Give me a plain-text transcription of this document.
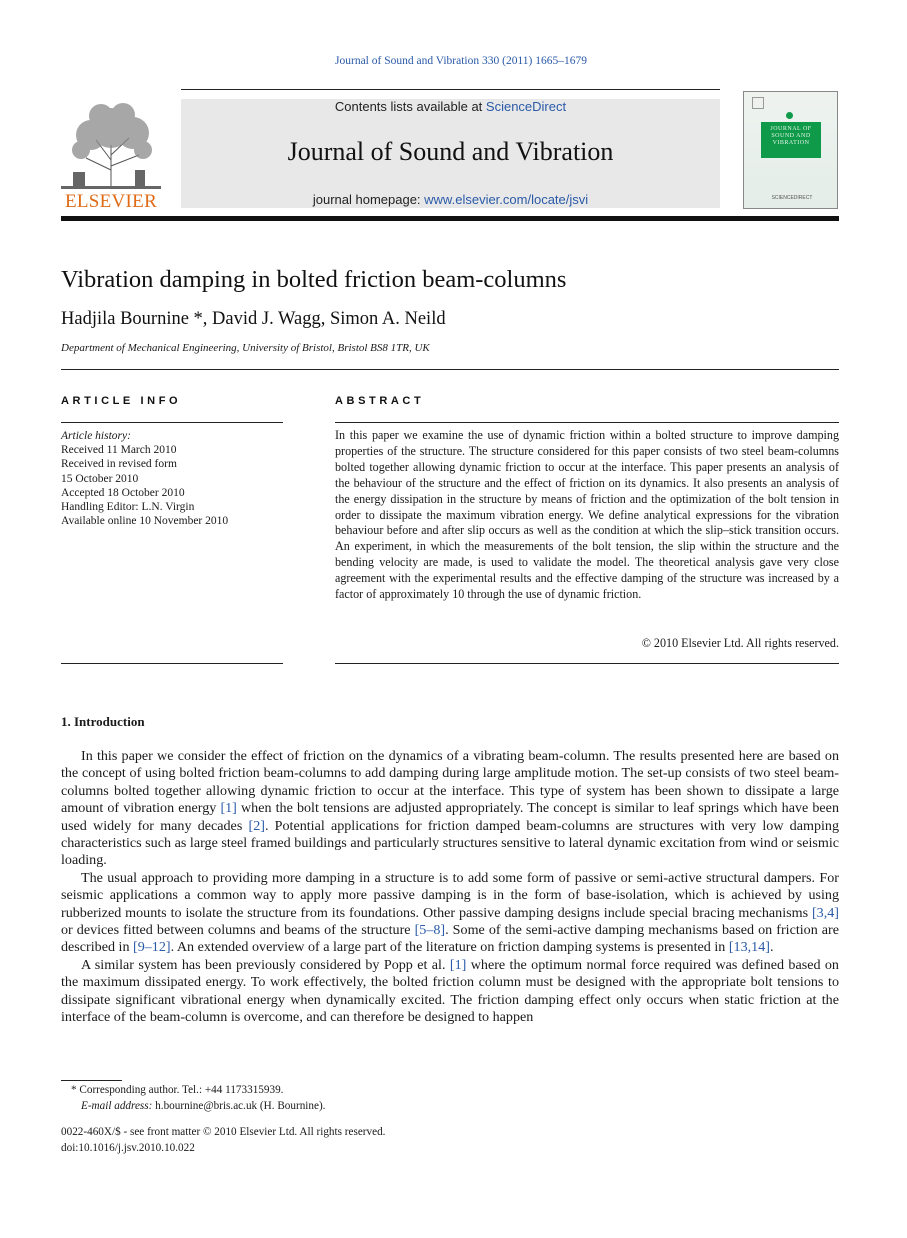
Journal of Sound and Vibration 330 (2011) 1665–1679
ELSEVIER
Contents lists available at ScienceDirect
Journal of Sound and Vibration
journal homepage: www.elsevier.com/locate/jsvi
JOURNAL OF SOUND AND VIBRATION
SCIENCEDIRECT
Vibration damping in bolted friction beam-columns
Hadjila Bournine *, David J. Wagg, Simon A. Neild
Department of Mechanical Engineering, University of Bristol, Bristol BS8 1TR, UK
ARTICLE INFO
Article history:
Received 11 March 2010
Received in revised form
15 October 2010
Accepted 18 October 2010
Handling Editor: L.N. Virgin
Available online 10 November 2010
ABSTRACT
In this paper we examine the use of dynamic friction within a bolted structure to improve damping properties of the structure. The structure considered for this paper consists of two steel beam-columns bolted together allowing dynamic friction to occur at the interface. This paper presents an analysis of the behaviour of the structure and the effect of friction on its dynamics. It also presents an analysis of the energy dissipation in the structure by means of friction and the optimization of the bolt tension in order to dissipate the maximum vibration energy. We define analytical expressions for the vibration behaviour before and after slip occurs as well as the condition at which the slip–stick transition occurs. An experiment, in which the measurements of the bolt tension, the slip within the structure and the bending velocity are made, is used to validate the model. The theoretical analysis gave very close agreement with the experimental results and the effective damping of the structure was increased by a factor of approximately 10 through the use of dynamic friction.
© 2010 Elsevier Ltd. All rights reserved.
1. Introduction

In this paper we consider the effect of friction on the dynamics of a vibrating beam-column. The results presented here are based on the concept of using bolted friction beam-columns to add damping during large amplitude motion. The set-up consists of two steel beam-columns bolted together allowing dynamic friction to occur at the interface. This type of system has been shown to dissipate a large amount of vibration energy [1] when the bolt tensions are adjusted appropriately. The concept is similar to leaf springs which have been used widely for many decades [2]. Potential applications for friction damped beam-columns are structures with very low damping characteristics such as large steel framed buildings and particularly structures sensitive to lateral dynamic excitation from wind or seismic loading.

The usual approach to providing more damping in a structure is to add some form of passive or semi-active structural dampers. For seismic applications a common way to apply more passive damping is in the form of base-isolation, which is achieved by using rubberized mounts to isolate the structure from its foundations. Other passive damping designs include special bracing mechanisms [3,4] or devices fitted between columns and beams of the structure [5–8]. Some of the semi-active damping mechanisms based on friction are described in [9–12]. An extended overview of a large part of the literature on friction damping systems is presented in [13,14].

A similar system has been previously considered by Popp et al. [1] where the optimum normal force required was defined based on the maximum dissipated energy. To work effectively, the bolted friction column must be designed with the appropriate bolt tensions to dissipate significant vibrational energy when dynamically excited. The friction damping effect only occurs when static friction at the interface of the beam-column is overcome, and can therefore be designed to happen

* Corresponding author. Tel.: +44 1173315939.
E-mail address: h.bournine@bris.ac.uk (H. Bournine).
0022-460X/$ - see front matter © 2010 Elsevier Ltd. All rights reserved.
doi:10.1016/j.jsv.2010.10.022
